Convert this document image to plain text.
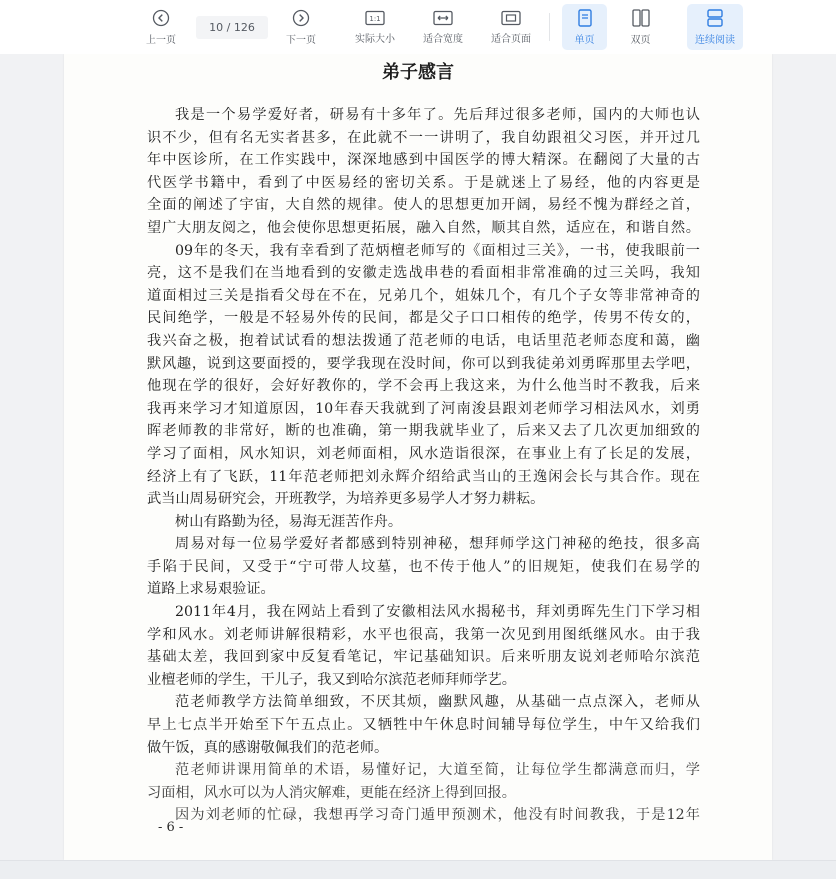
上一页
10 / 126
下一页
1:1
实际大小	适合宽度	适合页面	单页	双页	连续阅读
弟子感言
我是一个易学爱好者，研易有十多年了。先后拜过很多老师，国内的大师也认
识不少，但有名无实者甚多，在此就不一一讲明了，我自幼跟祖父习医，并开过几
年中医诊所，在工作实践中，深深地感到中国医学的博大精深。在翻阅了大量的古
代医学书籍中，看到了中医易经的密切关系。于是就迷上了易经，他的内容更是
全面的阐述了宇宙，大自然的规律。使人的思想更加开阔，易经不愧为群经之首，
望广大朋友阅之，他会使你思想更拓展，融入自然，顺其自然，适应在，和谐自然。
09年的冬天，我有幸看到了范炳檀老师写的《面相过三关》，一书，使我眼前一
亮，这不是我们在当地看到的安徽走选战串巷的看面相非常准确的过三关吗，我知
道面相过三关是指看父母在不在，兄弟几个，姐妹几个，有几个子女等非常神奇的
民间绝学，一般是不轻易外传的民间，都是父子口口相传的绝学，传男不传女的，
我兴奋之极，抱着试试看的想法拨通了范老师的电话，电话里范老师态度和蔼，幽
默风趣，说到这要面授的，要学我现在没时间，你可以到我徒弟刘勇晖那里去学吧，
他现在学的很好，会好好教你的，学不会再上我这来，为什么他当时不教我，后来
我再来学习才知道原因，10年春天我就到了河南浚县跟刘老师学习相法风水，刘勇
晖老师教的非常好，断的也准确，第一期我就毕业了，后来又去了几次更加细致的
学习了面相，风水知识，刘老师面相，风水造诣很深，在事业上有了长足的发展，
经济上有了飞跃，11年范老师把刘永辉介绍给武当山的王逸闲会长与其合作。现在
武当山周易研究会，开班教学，为培养更多易学人才努力耕耘。
树山有路勤为径，易海无涯苦作舟。
周易对每一位易学爱好者都感到特别神秘，想拜师学这门神秘的绝技，很多高
手陷于民间，又受于“宁可带人坟墓，也不传于他人”的旧规矩，使我们在易学的
道路上求易艰验证。
2011年4月，我在网站上看到了安徽相法风水揭秘书，拜刘勇晖先生门下学习相
学和风水。刘老师讲解很精彩，水平也很高，我第一次见到用图纸继风水。由于我
基础太差，我回到家中反复看笔记，牢记基础知识。后来听朋友说刘老师哈尔滨范
业檀老师的学生，干儿子，我又到哈尔滨范老师拜师学艺。
范老师教学方法简单细致，不厌其烦，幽默风趣，从基础一点点深入，老师从
早上七点半开始至下午五点止。又牺牲中午休息时间辅导每位学生，中午又给我们
做午饭，真的感谢敬佩我们的范老师。
范老师讲课用简单的术语，易懂好记，大道至简，让每位学生都满意而归，学
习面相，风水可以为人消灾解难，更能在经济上得到回报。
因为刘老师的忙碌，我想再学习奇门遁甲预测术，他没有时间教我，于是12年
- 6 -
